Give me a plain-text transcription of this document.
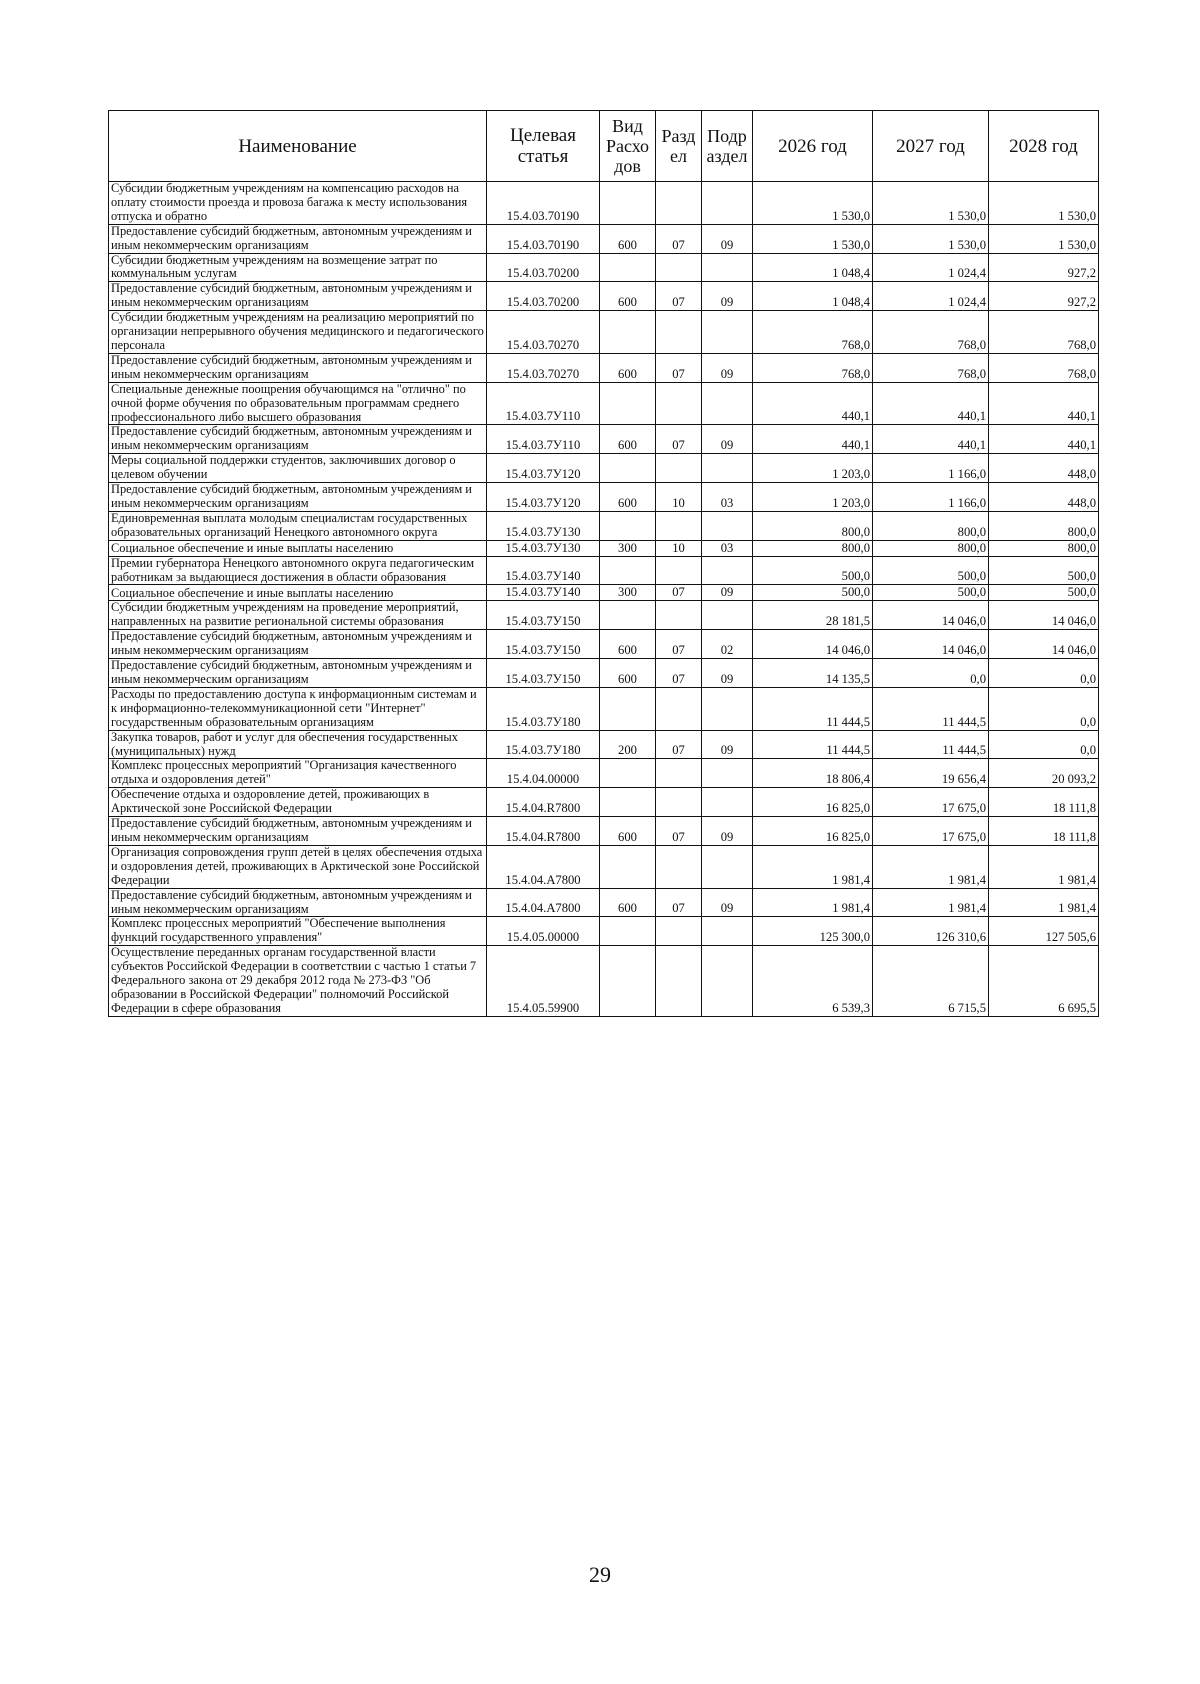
Наименование	Целевая статья	Вид Расхо дов	Разд ел	Подр аздел	2026 год	2027 год	2028 год
Субсидии бюджетным учреждениям на компенсацию расходов на оплату стоимости проезда и провоза багажа к месту использования отпуска и обратно	15.4.03.70190				1 530,0	1 530,0	1 530,0
Предоставление субсидий бюджетным, автономным учреждениям и иным некоммерческим организациям	15.4.03.70190	600	07	09	1 530,0	1 530,0	1 530,0
Субсидии бюджетным учреждениям на возмещение затрат по коммунальным услугам	15.4.03.70200				1 048,4	1 024,4	927,2
Предоставление субсидий бюджетным, автономным учреждениям и иным некоммерческим организациям	15.4.03.70200	600	07	09	1 048,4	1 024,4	927,2
Субсидии бюджетным учреждениям на реализацию мероприятий по организации непрерывного обучения медицинского и педагогического персонала	15.4.03.70270				768,0	768,0	768,0
Предоставление субсидий бюджетным, автономным учреждениям и иным некоммерческим организациям	15.4.03.70270	600	07	09	768,0	768,0	768,0
Специальные денежные поощрения обучающимся на "отлично" по очной форме обучения по образовательным программам среднего профессионального либо высшего образования	15.4.03.7У110				440,1	440,1	440,1
Предоставление субсидий бюджетным, автономным учреждениям и иным некоммерческим организациям	15.4.03.7У110	600	07	09	440,1	440,1	440,1
Меры социальной поддержки студентов, заключивших договор о целевом обучении	15.4.03.7У120				1 203,0	1 166,0	448,0
Предоставление субсидий бюджетным, автономным учреждениям и иным некоммерческим организациям	15.4.03.7У120	600	10	03	1 203,0	1 166,0	448,0
Единовременная выплата молодым специалистам государственных образовательных организаций Ненецкого автономного округа	15.4.03.7У130				800,0	800,0	800,0
Социальное обеспечение и иные выплаты населению	15.4.03.7У130	300	10	03	800,0	800,0	800,0
Премии губернатора Ненецкого автономного округа педагогическим работникам за выдающиеся достижения в области образования	15.4.03.7У140				500,0	500,0	500,0
Социальное обеспечение и иные выплаты населению	15.4.03.7У140	300	07	09	500,0	500,0	500,0
Субсидии бюджетным учреждениям на проведение мероприятий, направленных на развитие региональной системы образования	15.4.03.7У150				28 181,5	14 046,0	14 046,0
Предоставление субсидий бюджетным, автономным учреждениям и иным некоммерческим организациям	15.4.03.7У150	600	07	02	14 046,0	14 046,0	14 046,0
Предоставление субсидий бюджетным, автономным учреждениям и иным некоммерческим организациям	15.4.03.7У150	600	07	09	14 135,5	0,0	0,0
Расходы по предоставлению доступа к информационным системам и к информационно-телекоммуникационной сети "Интернет" государственным образовательным организациям	15.4.03.7У180				11 444,5	11 444,5	0,0
Закупка товаров, работ и услуг для обеспечения государственных (муниципальных) нужд	15.4.03.7У180	200	07	09	11 444,5	11 444,5	0,0
Комплекс процессных мероприятий "Организация качественного отдыха и оздоровления детей"	15.4.04.00000				18 806,4	19 656,4	20 093,2
Обеспечение отдыха и оздоровление детей, проживающих в Арктической зоне Российской Федерации	15.4.04.R7800				16 825,0	17 675,0	18 111,8
Предоставление субсидий бюджетным, автономным учреждениям и иным некоммерческим организациям	15.4.04.R7800	600	07	09	16 825,0	17 675,0	18 111,8
Организация сопровождения групп детей в целях обеспечения отдыха и оздоровления детей, проживающих в Арктической зоне Российской Федерации	15.4.04.А7800				1 981,4	1 981,4	1 981,4
Предоставление субсидий бюджетным, автономным учреждениям и иным некоммерческим организациям	15.4.04.А7800	600	07	09	1 981,4	1 981,4	1 981,4
Комплекс процессных мероприятий "Обеспечение выполнения функций государственного управления"	15.4.05.00000				125 300,0	126 310,6	127 505,6
Осуществление переданных органам государственной власти субъектов Российской Федерации в соответствии с частью 1 статьи 7 Федерального закона от 29 декабря 2012 года № 273-ФЗ "Об образовании в Российской Федерации" полномочий Российской Федерации в сфере образования	15.4.05.59900				6 539,3	6 715,5	6 695,5
29
